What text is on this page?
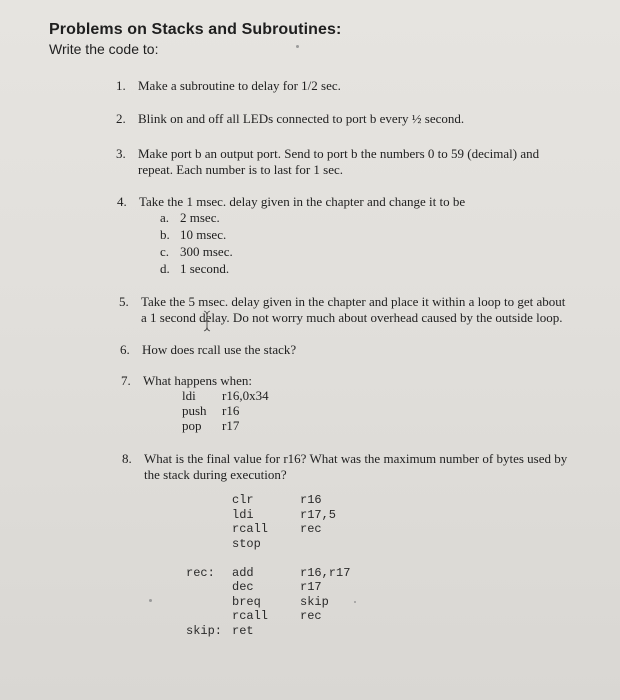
Problems on Stacks and Subroutines:
Write the code to:
1. Make a subroutine to delay for 1/2 sec.
2. Blink on and off all LEDs connected to port b every ½ second.
3. Make port b an output port. Send to port b the numbers 0 to 59 (decimal) and
repeat. Each number is to last for 1 sec.
4. Take the 1 msec. delay given in the chapter and change it to be
a. 2 msec.
b. 10 msec.
c. 300 msec.
d. 1 second.
5. Take the 5 msec. delay given in the chapter and place it within a loop to get about
a 1 second delay. Do not worry much about overhead caused by the outside loop.
6. How does rcall use the stack?
7. What happens when:
ldi r16,0x34
push r16
pop r17
8. What is the final value for r16? What was the maximum number of bytes used by
the stack during execution?
clr	r16
ldi	r17,5
rcall	rec
stop
rec: add	r16,r17
dec	r17
breq	skip
rcall	rec
skip: ret
